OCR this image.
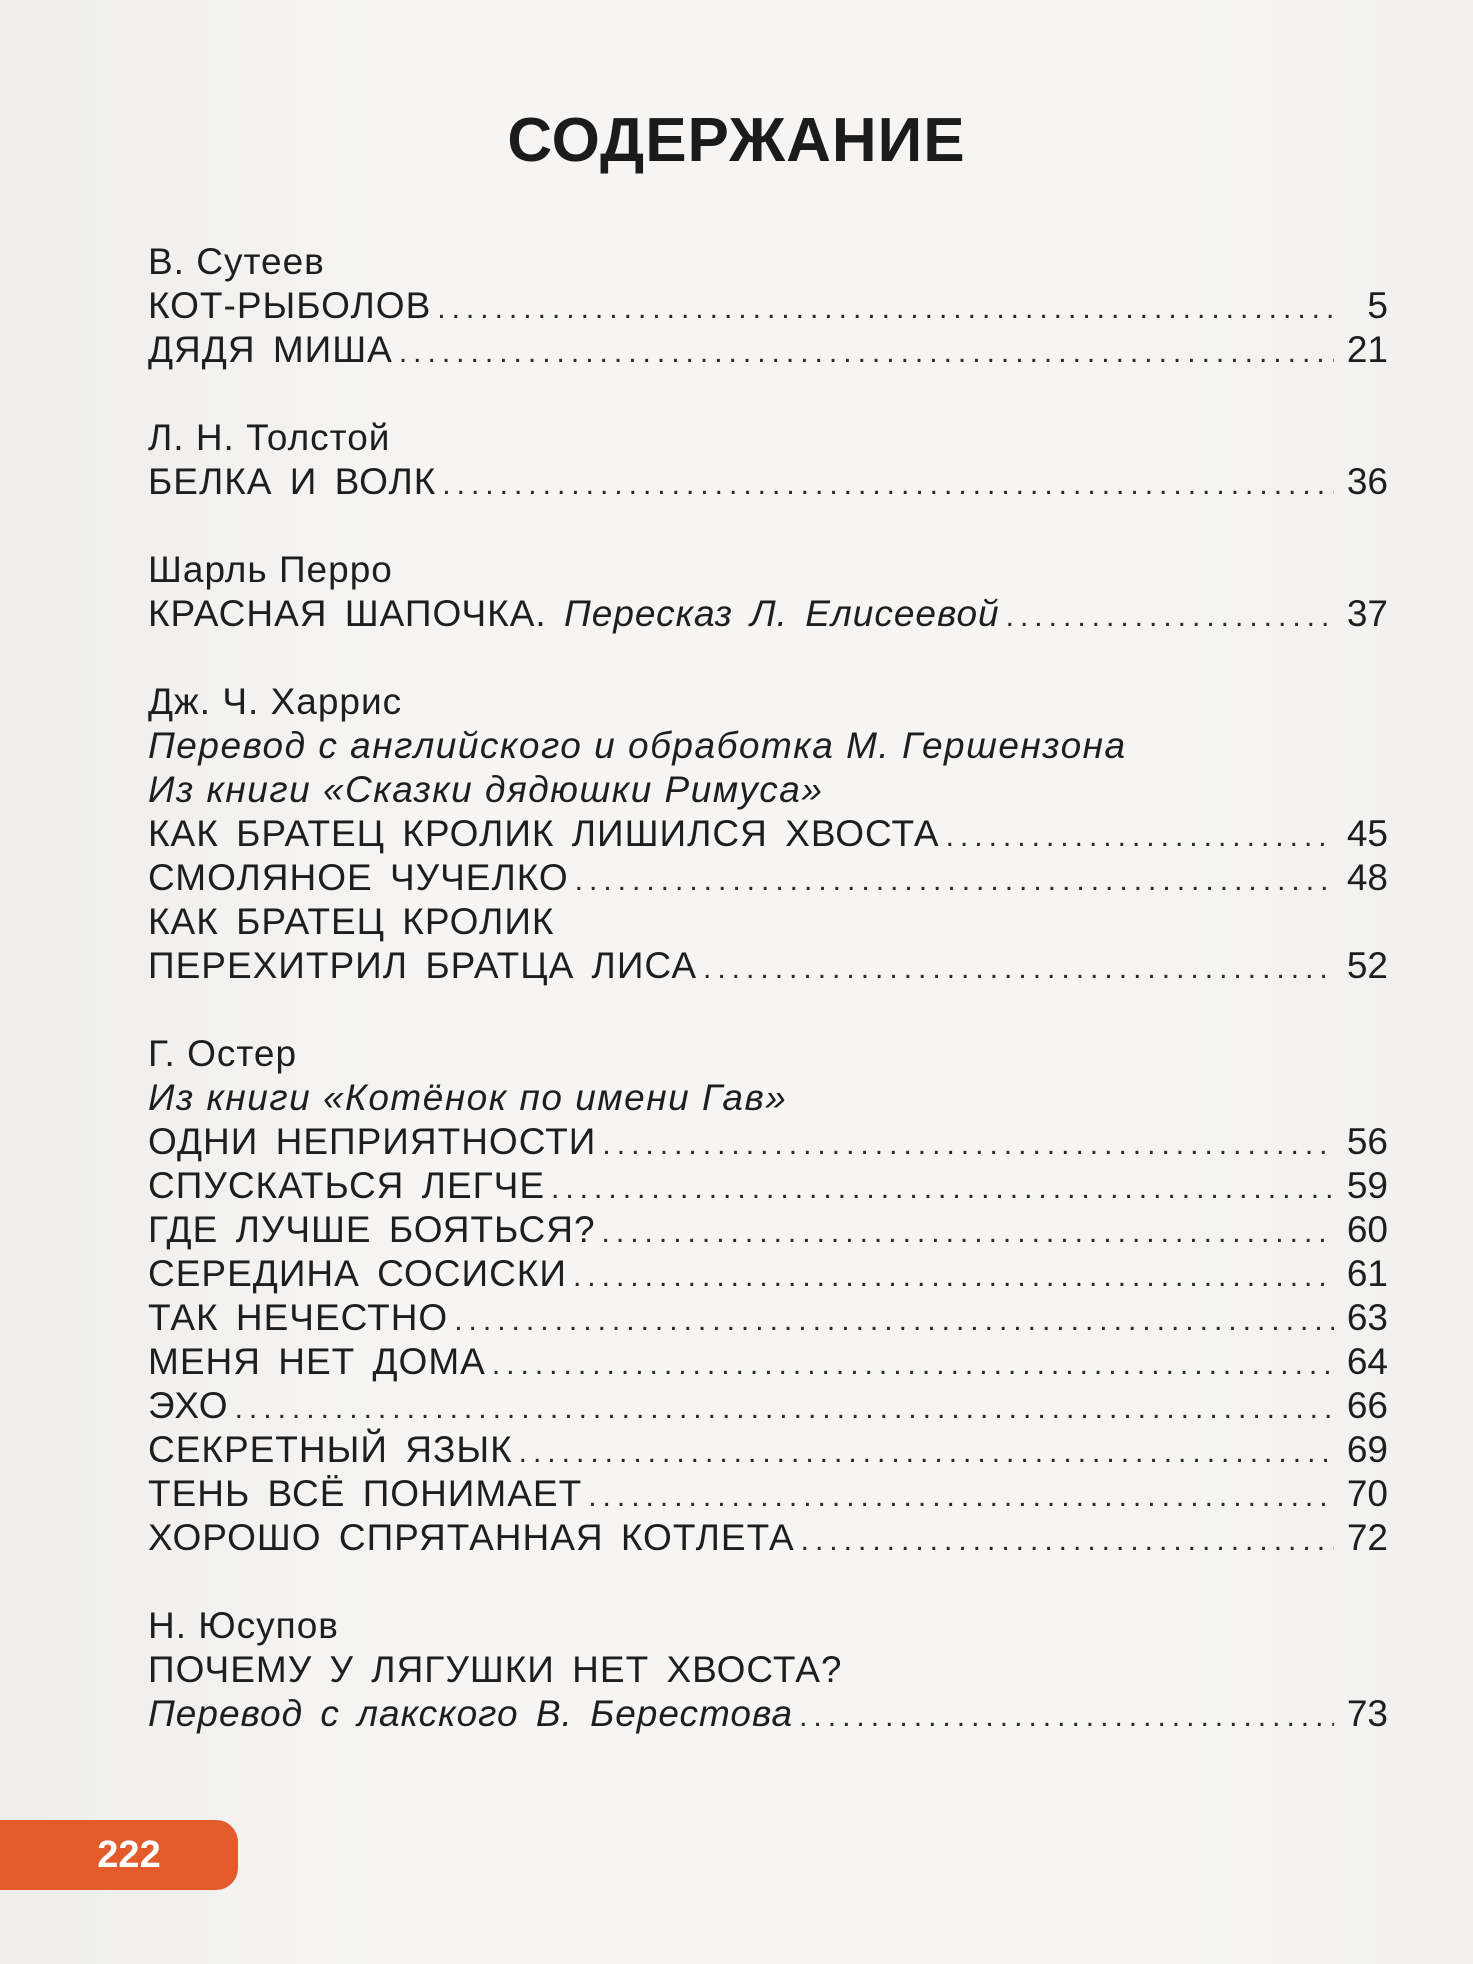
СОДЕРЖАНИЕ
В. Сутеев
КОТ-РЫБОЛОВ .....	5
ДЯДЯ МИША .....	21
Л. Н. Толстой
БЕЛКА И ВОЛК .....	36
Шарль Перро
КРАСНАЯ ШАПОЧКА. Пересказ Л. Елисеевой .....	37
Дж. Ч. Харрис
Перевод с английского и обработка М. Гершензона
Из книги «Сказки дядюшки Римуса»
КАК БРАТЕЦ КРОЛИК ЛИШИЛСЯ ХВОСТА .....	45
СМОЛЯНОЕ ЧУЧЕЛКО .....	48
КАК БРАТЕЦ КРОЛИК
ПЕРЕХИТРИЛ БРАТЦА ЛИСА .....	52
Г. Остер
Из книги «Котёнок по имени Гав»
ОДНИ НЕПРИЯТНОСТИ .....	56
СПУСКАТЬСЯ ЛЕГЧЕ .....	59
ГДЕ ЛУЧШЕ БОЯТЬСЯ? .....	60
СЕРЕДИНА СОСИСКИ .....	61
ТАК НЕЧЕСТНО .....	63
МЕНЯ НЕТ ДОМА .....	64
ЭХО .....	66
СЕКРЕТНЫЙ ЯЗЫК .....	69
ТЕНЬ ВСЁ ПОНИМАЕТ .....	70
ХОРОШО СПРЯТАННАЯ КОТЛЕТА .....	72
Н. Юсупов
ПОЧЕМУ У ЛЯГУШКИ НЕТ ХВОСТА?
Перевод с лакского В. Берестова .....	73
222
